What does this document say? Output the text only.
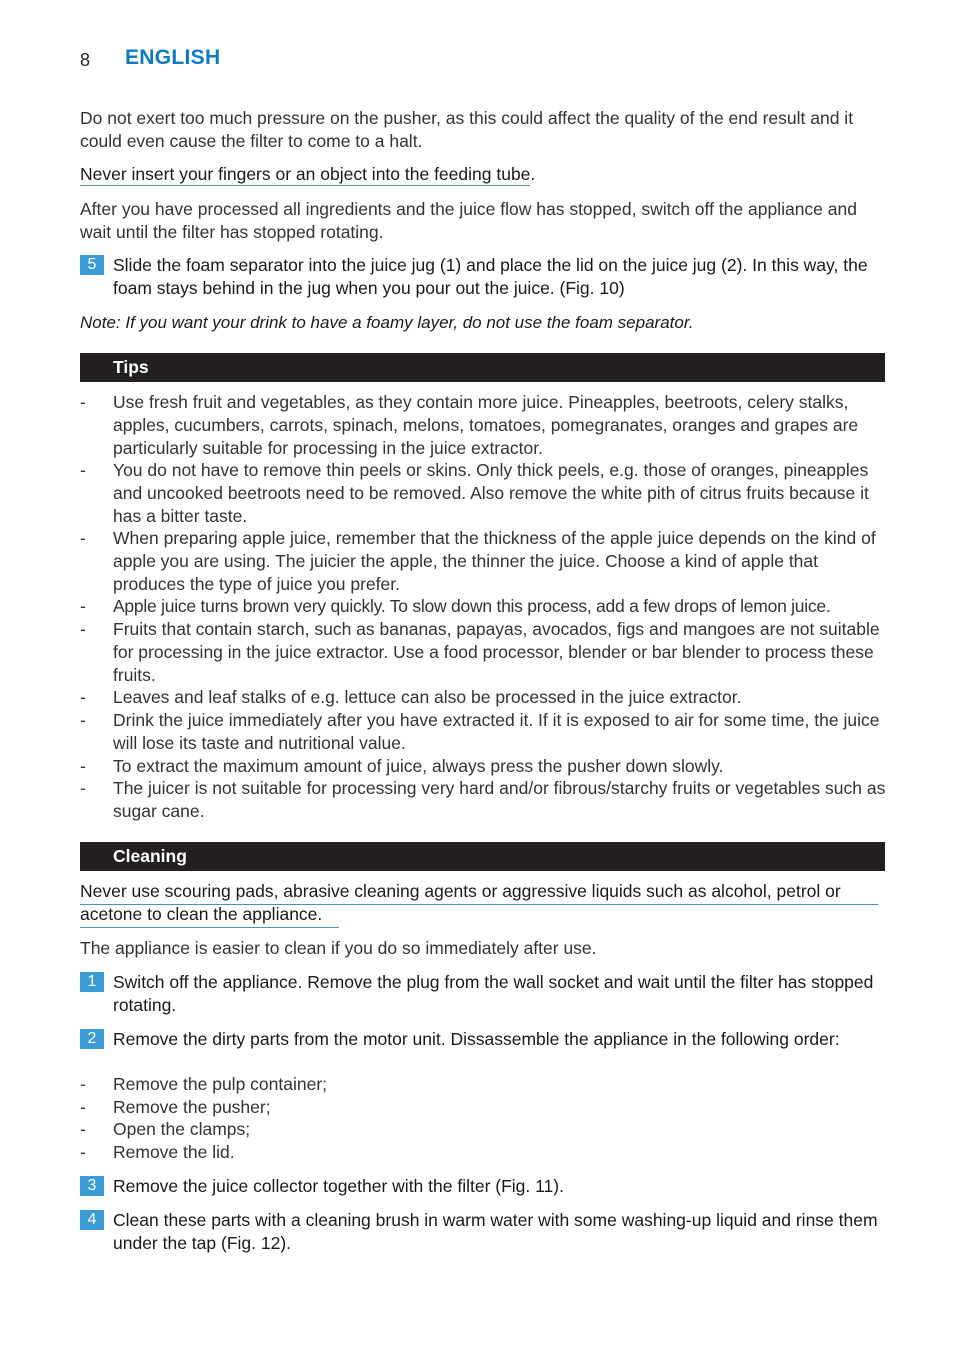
8 ENGLISH
Do not exert too much pressure on the pusher, as this could affect the quality of the end result and it could even cause the filter to come to a halt.
Never insert your fingers or an object into the feeding tube.
After you have processed all ingredients and the juice flow has stopped, switch off the appliance and wait until the filter has stopped rotating.
5 Slide the foam separator into the juice jug (1) and place the lid on the juice jug (2). In this way, the foam stays behind in the jug when you pour out the juice. (Fig. 10)
Note: If you want your drink to have a foamy layer, do not use the foam separator.
Tips
- Use fresh fruit and vegetables, as they contain more juice. Pineapples, beetroots, celery stalks, apples, cucumbers, carrots, spinach, melons, tomatoes, pomegranates, oranges and grapes are particularly suitable for processing in the juice extractor.
- You do not have to remove thin peels or skins. Only thick peels, e.g. those of oranges, pineapples and uncooked beetroots need to be removed. Also remove the white pith of citrus fruits because it has a bitter taste.
- When preparing apple juice, remember that the thickness of the apple juice depends on the kind of apple you are using. The juicier the apple, the thinner the juice. Choose a kind of apple that produces the type of juice you prefer.
- Apple juice turns brown very quickly. To slow down this process, add a few drops of lemon juice.
- Fruits that contain starch, such as bananas, papayas, avocados, figs and mangoes are not suitable for processing in the juice extractor. Use a food processor, blender or bar blender to process these fruits.
- Leaves and leaf stalks of e.g. lettuce can also be processed in the juice extractor.
- Drink the juice immediately after you have extracted it. If it is exposed to air for some time, the juice will lose its taste and nutritional value.
- To extract the maximum amount of juice, always press the pusher down slowly.
- The juicer is not suitable for processing very hard and/or fibrous/starchy fruits or vegetables such as sugar cane.
Cleaning
Never use scouring pads, abrasive cleaning agents or aggressive liquids such as alcohol, petrol or
acetone to clean the appliance.
The appliance is easier to clean if you do so immediately after use.
1 Switch off the appliance. Remove the plug from the wall socket and wait until the filter has stopped rotating.
2 Remove the dirty parts from the motor unit. Dissassemble the appliance in the following order:
- Remove the pulp container;
- Remove the pusher;
- Open the clamps;
- Remove the lid.
3 Remove the juice collector together with the filter (Fig. 11).
4 Clean these parts with a cleaning brush in warm water with some washing-up liquid and rinse them under the tap (Fig. 12).
